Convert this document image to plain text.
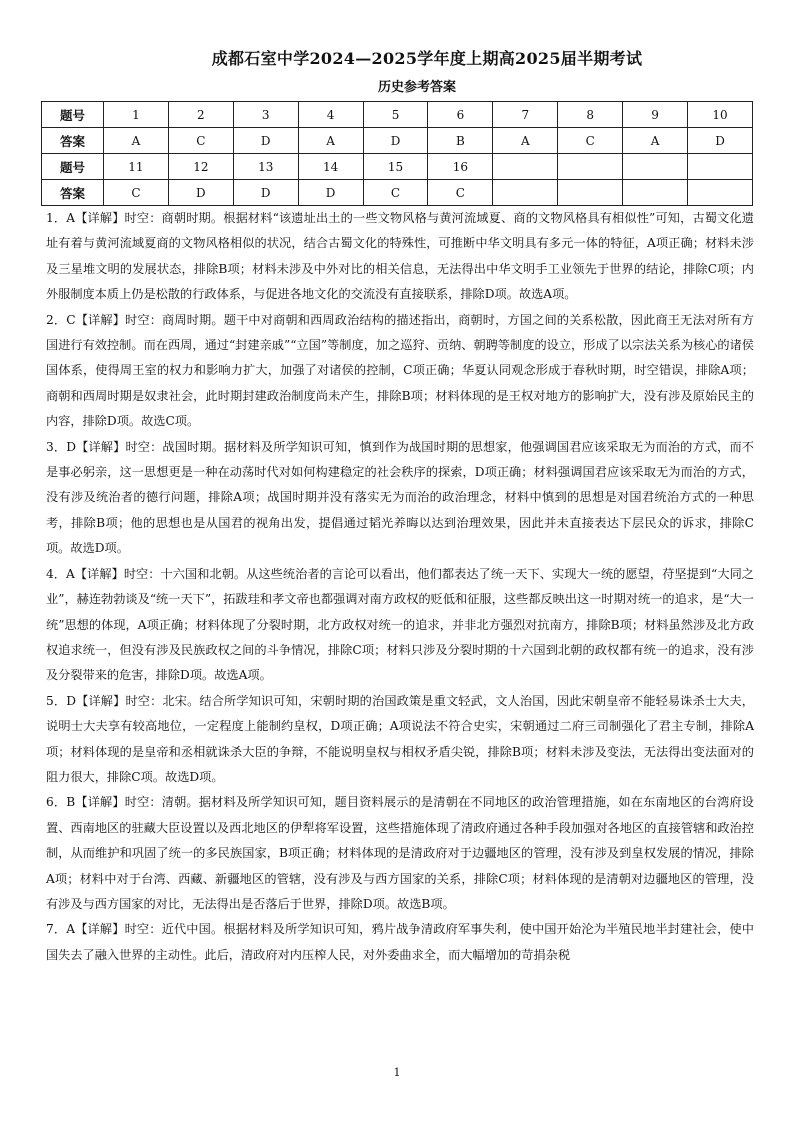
成都石室中学2024—2025学年度上期高2025届半期考试
历史参考答案
题号	1	2	3	4	5	6	7	8	9	10
答案	A	C	D	A	D	B	A	C	A	D
题号	11	12	13	14	15	16				
答案	C	D	D	D	C	C				

1．A【详解】时空：商朝时期。根据材料“该遗址出土的一些文物风格与黄河流域夏、商的文物风格具有相似性”可知，古蜀文化遗址有着与黄河流域夏商的文物风格相似的状况，结合古蜀文化的特殊性，可推断中华文明具有多元一体的特征，A项正确；材料未涉及三星堆文明的发展状态，排除B项；材料未涉及中外对比的相关信息，无法得出中华文明手工业领先于世界的结论，排除C项；内外服制度本质上仍是松散的行政体系，与促进各地文化的交流没有直接联系，排除D项。故选A项。

2．C【详解】时空：商周时期。题干中对商朝和西周政治结构的描述指出，商朝时，方国之间的关系松散，因此商王无法对所有方国进行有效控制。而在西周，通过“封建亲戚”“立国”等制度，加之巡狩、贡纳、朝聘等制度的设立，形成了以宗法关系为核心的诸侯国体系，使得周王室的权力和影响力扩大，加强了对诸侯的控制，C项正确；华夏认同观念形成于春秋时期，时空错误，排除A项；商朝和西周时期是奴隶社会，此时期封建政治制度尚未产生，排除B项；材料体现的是王权对地方的影响扩大，没有涉及原始民主的内容，排除D项。故选C项。

3．D【详解】时空：战国时期。据材料及所学知识可知，慎到作为战国时期的思想家，他强调国君应该采取无为而治的方式，而不是事必躬亲，这一思想更是一种在动荡时代对如何构建稳定的社会秩序的探索，D项正确；材料强调国君应该采取无为而治的方式，没有涉及统治者的德行问题，排除A项；战国时期并没有落实无为而治的政治理念，材料中慎到的思想是对国君统治方式的一种思考，排除B项；他的思想也是从国君的视角出发，提倡通过韬光养晦以达到治理效果，因此并未直接表达下层民众的诉求，排除C项。故选D项。

4．A【详解】时空：十六国和北朝。从这些统治者的言论可以看出，他们都表达了统一天下、实现大一统的愿望，苻坚提到“大同之业”，赫连勃勃谈及“统一天下”，拓跋珪和孝文帝也都强调对南方政权的贬低和征服，这些都反映出这一时期对统一的追求，是“大一统”思想的体现，A项正确；材料体现了分裂时期，北方政权对统一的追求，并非北方强烈对抗南方，排除B项；材料虽然涉及北方政权追求统一，但没有涉及民族政权之间的斗争情况，排除C项；材料只涉及分裂时期的十六国到北朝的政权都有统一的追求，没有涉及分裂带来的危害，排除D项。故选A项。

5．D【详解】时空：北宋。结合所学知识可知，宋朝时期的治国政策是重文轻武，文人治国，因此宋朝皇帝不能轻易诛杀士大夫，说明士大夫享有较高地位，一定程度上能制约皇权，D项正确；A项说法不符合史实，宋朝通过二府三司制强化了君主专制，排除A项；材料体现的是皇帝和丞相就诛杀大臣的争辩，不能说明皇权与相权矛盾尖锐，排除B项；材料未涉及变法，无法得出变法面对的阻力很大，排除C项。故选D项。

6．B【详解】时空：清朝。据材料及所学知识可知，题目资料展示的是清朝在不同地区的政治管理措施，如在东南地区的台湾府设置、西南地区的驻藏大臣设置以及西北地区的伊犁将军设置，这些措施体现了清政府通过各种手段加强对各地区的直接管辖和政治控制，从而维护和巩固了统一的多民族国家，B项正确；材料体现的是清政府对于边疆地区的管理，没有涉及到皇权发展的情况，排除A项；材料中对于台湾、西藏、新疆地区的管辖，没有涉及与西方国家的关系，排除C项；材料体现的是清朝对边疆地区的管理，没有涉及与西方国家的对比，无法得出是否落后于世界，排除D项。故选B项。

7．A【详解】时空：近代中国。根据材料及所学知识可知，鸦片战争清政府军事失利，使中国开始沦为半殖民地半封建社会，使中国失去了融入世界的主动性。此后，清政府对内压榨人民，对外委曲求全，而大幅增加的苛捐杂税

1
